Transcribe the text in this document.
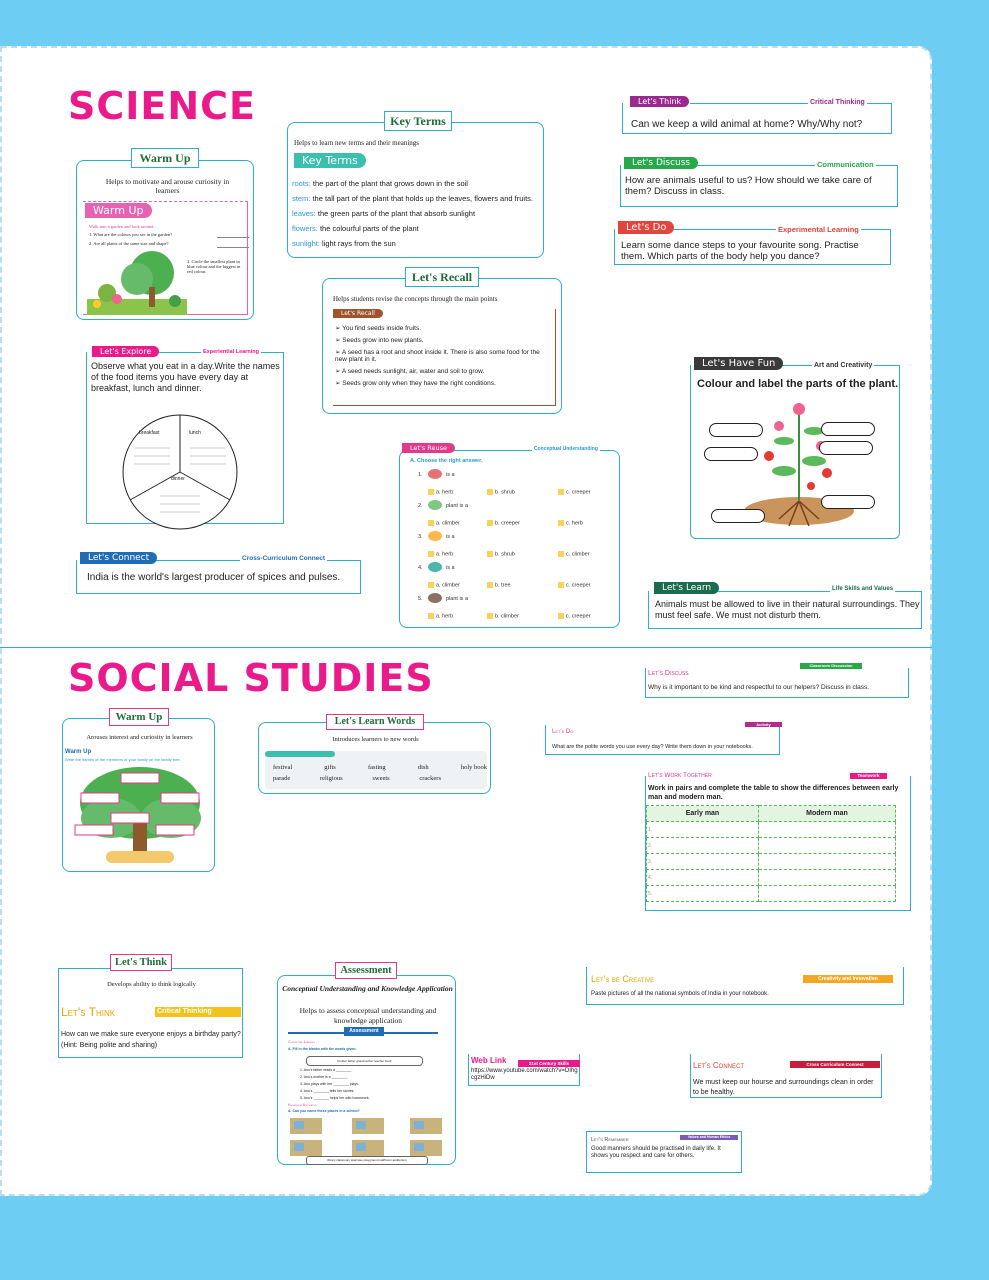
SCIENCE
Helps to motivate and arouse curiosity in learners
Warm Up
Walk into a garden and look around.
1. What are the colours you see in the garden?
2. Are all plants of the same size and shape?
3. Circle the smallest plant in blue colour and the biggest in red colour.
Warm Up
Helps to learn new terms and their meanings
Key Terms

roots: the part of the plant that grows down in the soil

stem: the tall part of the plant that holds up the leaves, flowers and fruits.

leaves: the green parts of the plant that absorb sunlight

flowers: the colourful parts of the plant

sunlight: light rays from the sun

Key Terms
Helps students revise the concepts through the main points
Let's Recall
➢ You find seeds inside fruits.
➢ Seeds grow into new plants.
➢ A seed has a root and shoot inside it. There is also some food for the new plant in it.
➢ A seed needs sunlight, air, water and soil to grow.
➢ Seeds grow only when they have the right conditions.
Let's Recall
Can we keep a wild animal at home? Why/Why not?
Let's Think	Critical Thinking
How are animals useful to us? How should we take care of them? Discuss in class.
Let's Discuss	Communication
Learn some dance steps to your favourite song. Practise them. Which parts of the body help you dance?
Let's Do	Experimental Learning
Observe what you eat in a day.Write the names of the food items you have every day at breakfast, lunch and dinner.
breakfast	lunch
dinner
Let's Explore	Experiential Learning
A. Choose the right answer.
Let's Reuse	Conceptual Understanding
1.	is a
a. herb	b. shrub	c. creeper
2.	plant is a
a. climber	b. creeper	c. herb
3.	is a
a. herb	b. shrub	c. climber
4.	is a
a. climber	b. tree	c. creeper
5.	plant is a
a. herb	b. climber	c. creeper
Colour and label the parts of the plant.
Let's Have Fun	Art and Creativity
India is the world's largest producer of spices and pulses.
Let's Connect	Cross-Curriculum Connect
Animals must be allowed to live in their natural surroundings. They must feel safe. We must not disturb them.
Let's Learn	Life Skills and Values
SOCIAL STUDIES
Arouses interest and curiosity in learners
Warm Up
Write the names of the members of your family on the family tree.
Warm Up
Introduces learners to new words
festival	gifts	fasting	dish	holy book
parade	religious	sweets	crackers
Let's Learn Words
Let's Discuss
Why is it important to be kind and respectful to our helpers? Discuss in class.
Classroom Discussion
Let's Do
What are the polite words you use every day? Write them down in your notebooks.
Activity
Let's Work Together
Work in pairs and complete the table to show the differences between early man and modern man.
Early man	Modern man
1.	
2.	
3.	
4.	
5.	
Teamwork
Develops ability to think logically
Let's Think	Critical Thinking
How can we make sure everyone enjoys a birthday party? (Hint: Being polite and sharing)
Let's Think
Conceptual Understanding and Knowledge Application
Helps to assess conceptual understanding and knowledge application
Assessment
Conceptual Learning
A. Fill in the blanks with the words given.
brother father grandmother teacher book
1. Anu's father reads a ________.
2. Anu's mother is a ________.
3. Anu plays with her ________ plays.
4. Anu's ________ tells her stories.
5. Anu's ________ helps her with homework.
Knowledge Application
A. Can you name these places in a school?
library classroom staircase playground staffroom auditorium
Assessment
Let's be Creative
Paste pictures of all the national symbols of India in your notebook.
Creativity and Innovation
Web Link
https://www.youtube.com/watch?v=DIhgcgzHiDw
21st Century Skills	Let's Connect
We must keep our hourse and surroundings clean in order to be healthy.
Cross Curriculum Connect
Let's Remember
Good manners should be practised in daily life. It shows you respect and care for others.
Values and Human Ethics
